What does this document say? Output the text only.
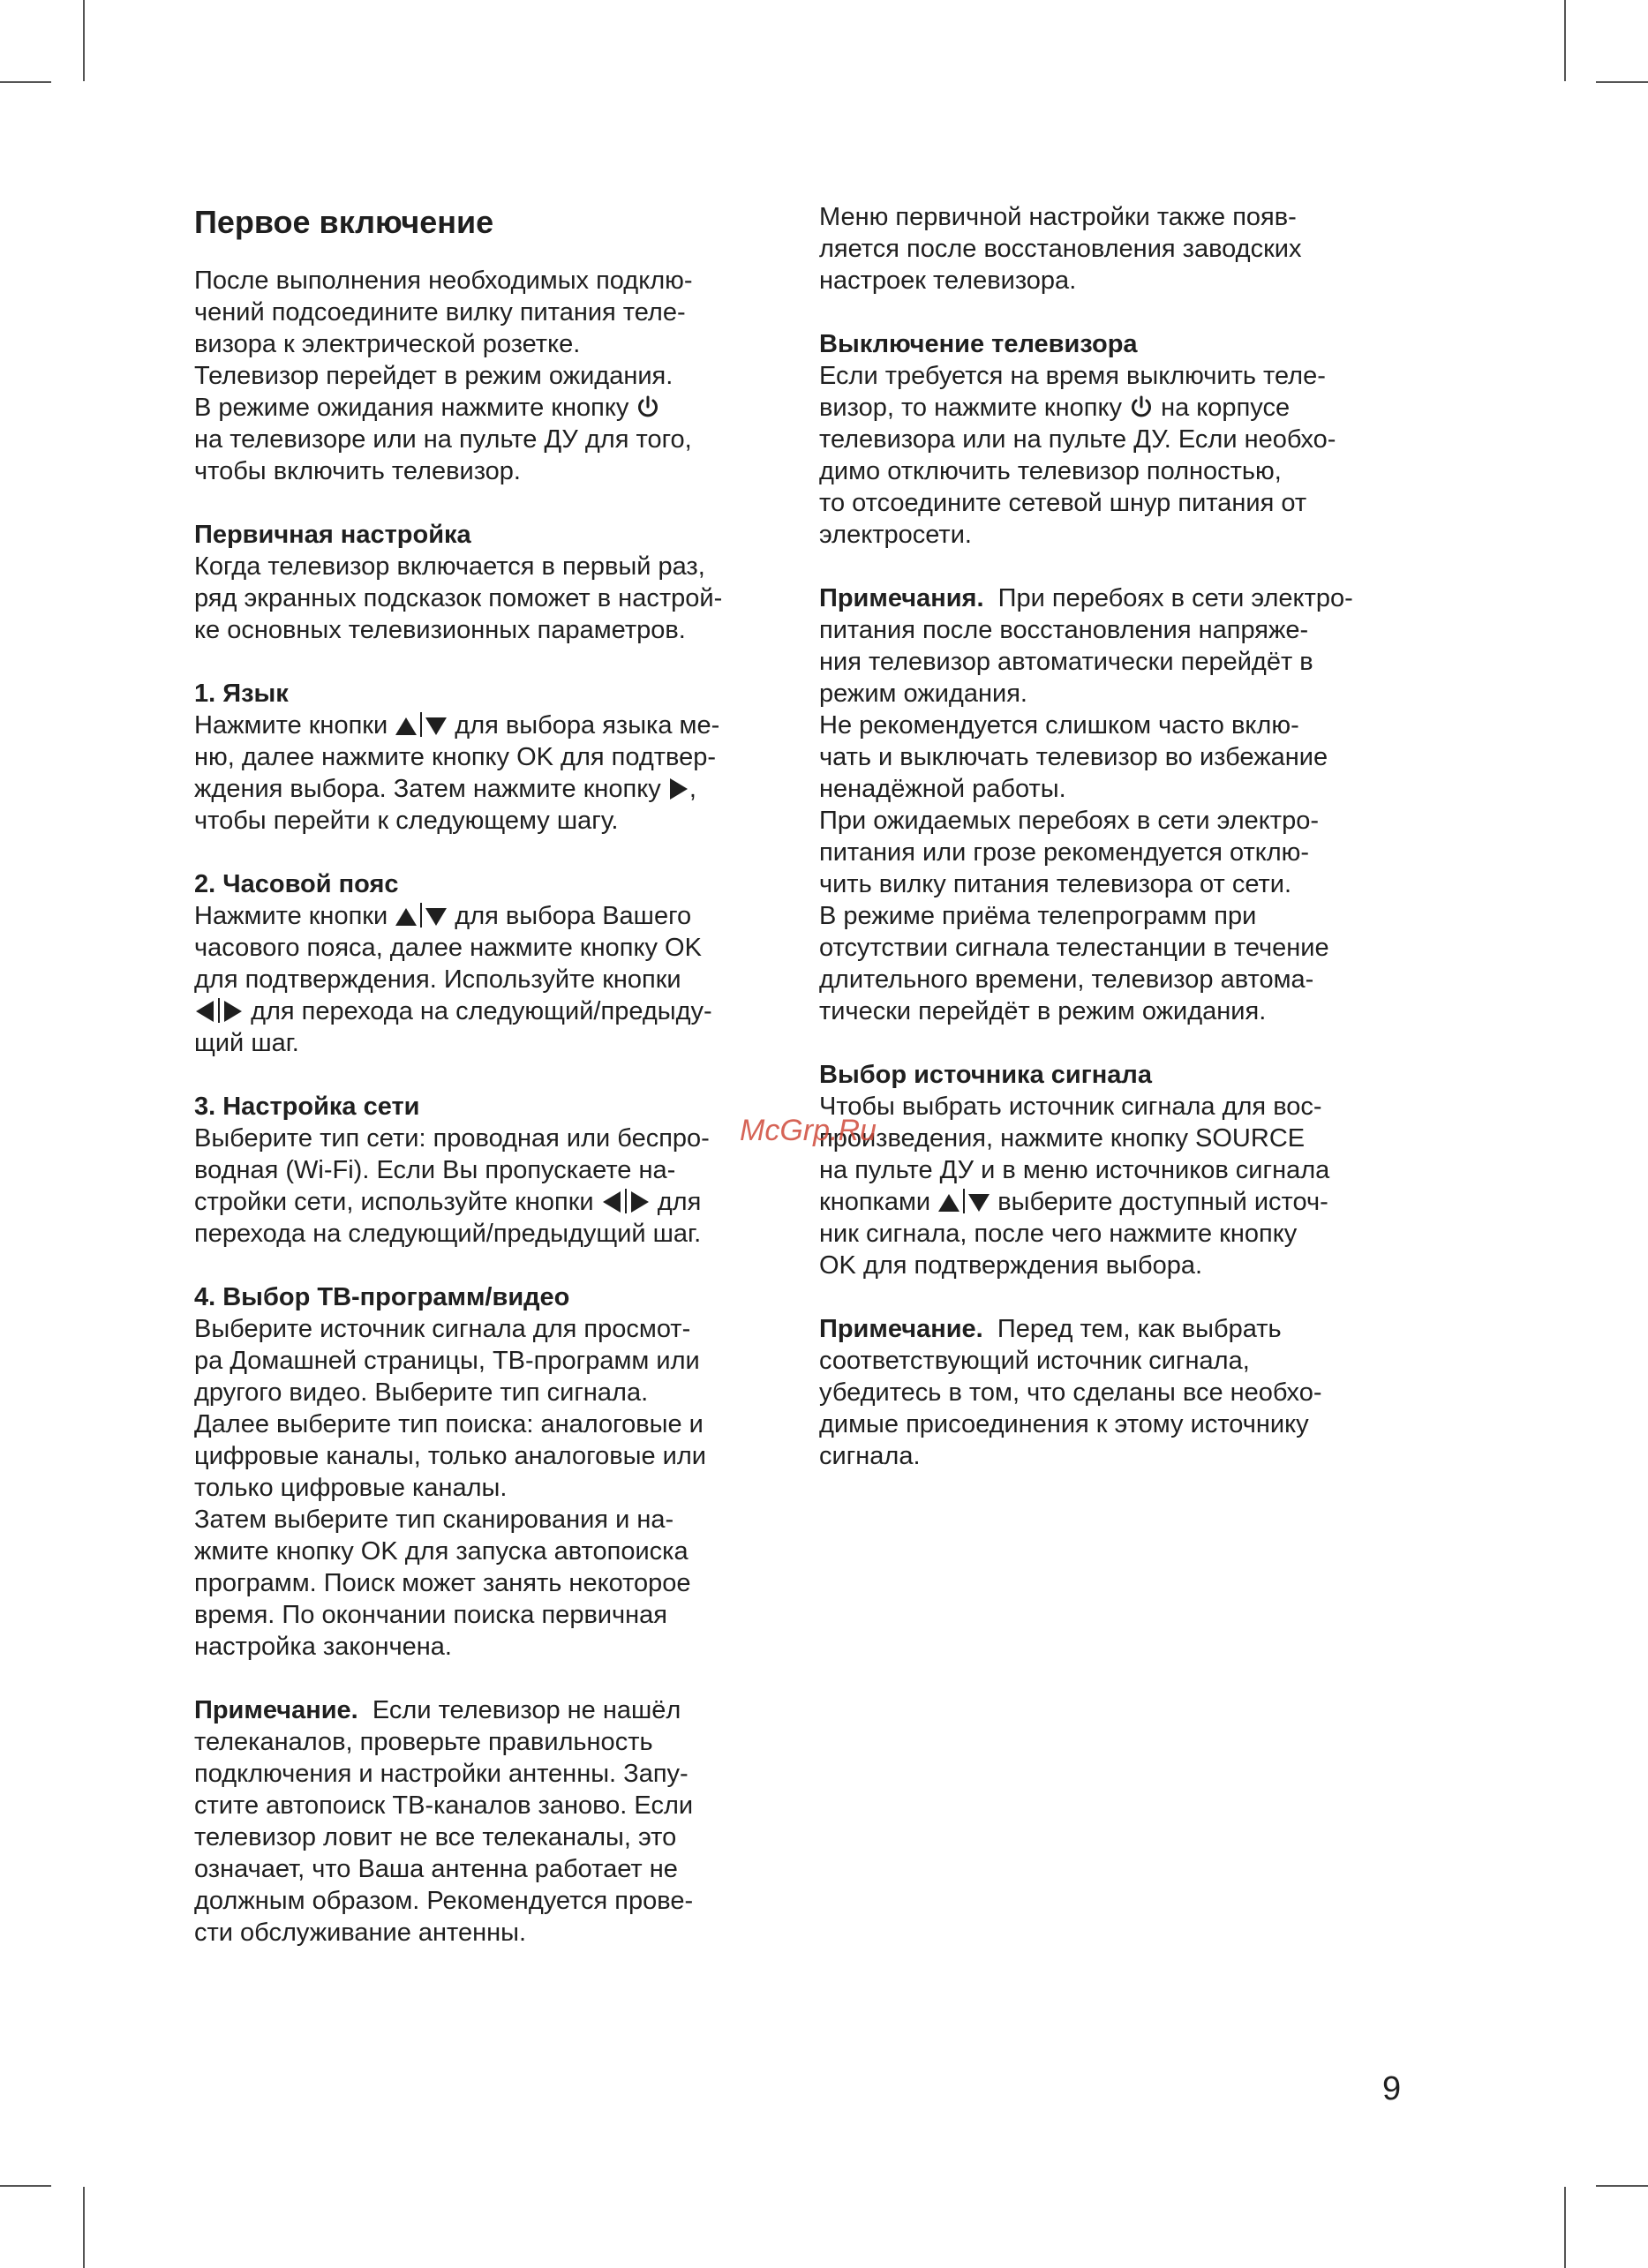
Первое включение
После выполнения необходимых подклю-
чений подсоедините вилку питания теле-
визора к электрической розетке.
Телевизор перейдет в режим ожидания.
В режиме ожидания нажмите кнопку
на телевизоре или на пульте ДУ для того,
чтобы включить телевизор.
Первичная настройка
Когда телевизор включается в первый раз,
ряд экранных подсказок поможет в настрой-
ке основных телевизионных параметров.
1. Язык
Нажмите кнопки	для выбора языка ме-
ню, далее нажмите кнопку OK для подтвер-
ждения выбора. Затем нажмите кнопку ,
чтобы перейти к следующему шагу.
2. Часовой пояс
Нажмите кнопки	для выбора Вашего
часового пояса, далее нажмите кнопку OK
для подтверждения. Используйте кнопки
для перехода на следующий/предыду-
щий шаг.
3. Настройка сети
Выберите тип сети: проводная или беспро-
водная (Wi-Fi). Если Вы пропускаете на-
стройки сети, используйте кнопки для
перехода на следующий/предыдущий шаг.
4. Выбор ТВ-программ/видео
Выберите источник сигнала для просмот-
ра Домашней страницы, ТВ-программ или
другого видео. Выберите тип сигнала.
Далее выберите тип поиска: аналоговые и
цифровые каналы, только аналоговые или
только цифровые каналы.
Затем выберите тип сканирования и на-
жмите кнопку OK для запуска автопоиска
программ. Поиск может занять некоторое
время. По окончании поиска первичная
настройка закончена.
Примечание. Если телевизор не нашёл
телеканалов, проверьте правильность
подключения и настройки антенны. Запу-
стите автопоиск ТВ-каналов заново. Если
телевизор ловит не все телеканалы, это
означает, что Ваша антенна работает не
должным образом. Рекомендуется прове-
сти обслуживание антенны.
Меню первичной настройки также появ-
ляется после восстановления заводских
настроек телевизора.
Выключение телевизора
Если требуется на время выключить теле-
визор, то нажмите кнопку на корпусе
телевизора или на пульте ДУ. Если необхо-
димо отключить телевизор полностью,
то отсоедините сетевой шнур питания от
электросети.
Примечания. При перебоях в сети электро-
питания после восстановления напряже-
ния телевизор автоматически перейдёт в
режим ожидания.
Не рекомендуется слишком часто вклю-
чать и выключать телевизор во избежание
ненадёжной работы.
При ожидаемых перебоях в сети электро-
питания или грозе рекомендуется отклю-
чить вилку питания телевизора от сети.
В режиме приёма телепрограмм при
отсутствии сигнала телестанции в течение
длительного времени, телевизор автома-
тически перейдёт в режим ожидания.
Выбор источника сигнала
Чтобы выбрать источник сигнала для вос-
произведения, нажмите кнопку SOURCE
на пульте ДУ и в меню источников сигнала
кнопками	выберите доступный источ-
ник сигнала, после чего нажмите кнопку
OK для подтверждения выбора.
Примечание. Перед тем, как выбрать
соответствующий источник сигнала,
убедитесь в том, что сделаны все необхо-
димые присоединения к этому источнику
сигнала.
McGrp.Ru
9
